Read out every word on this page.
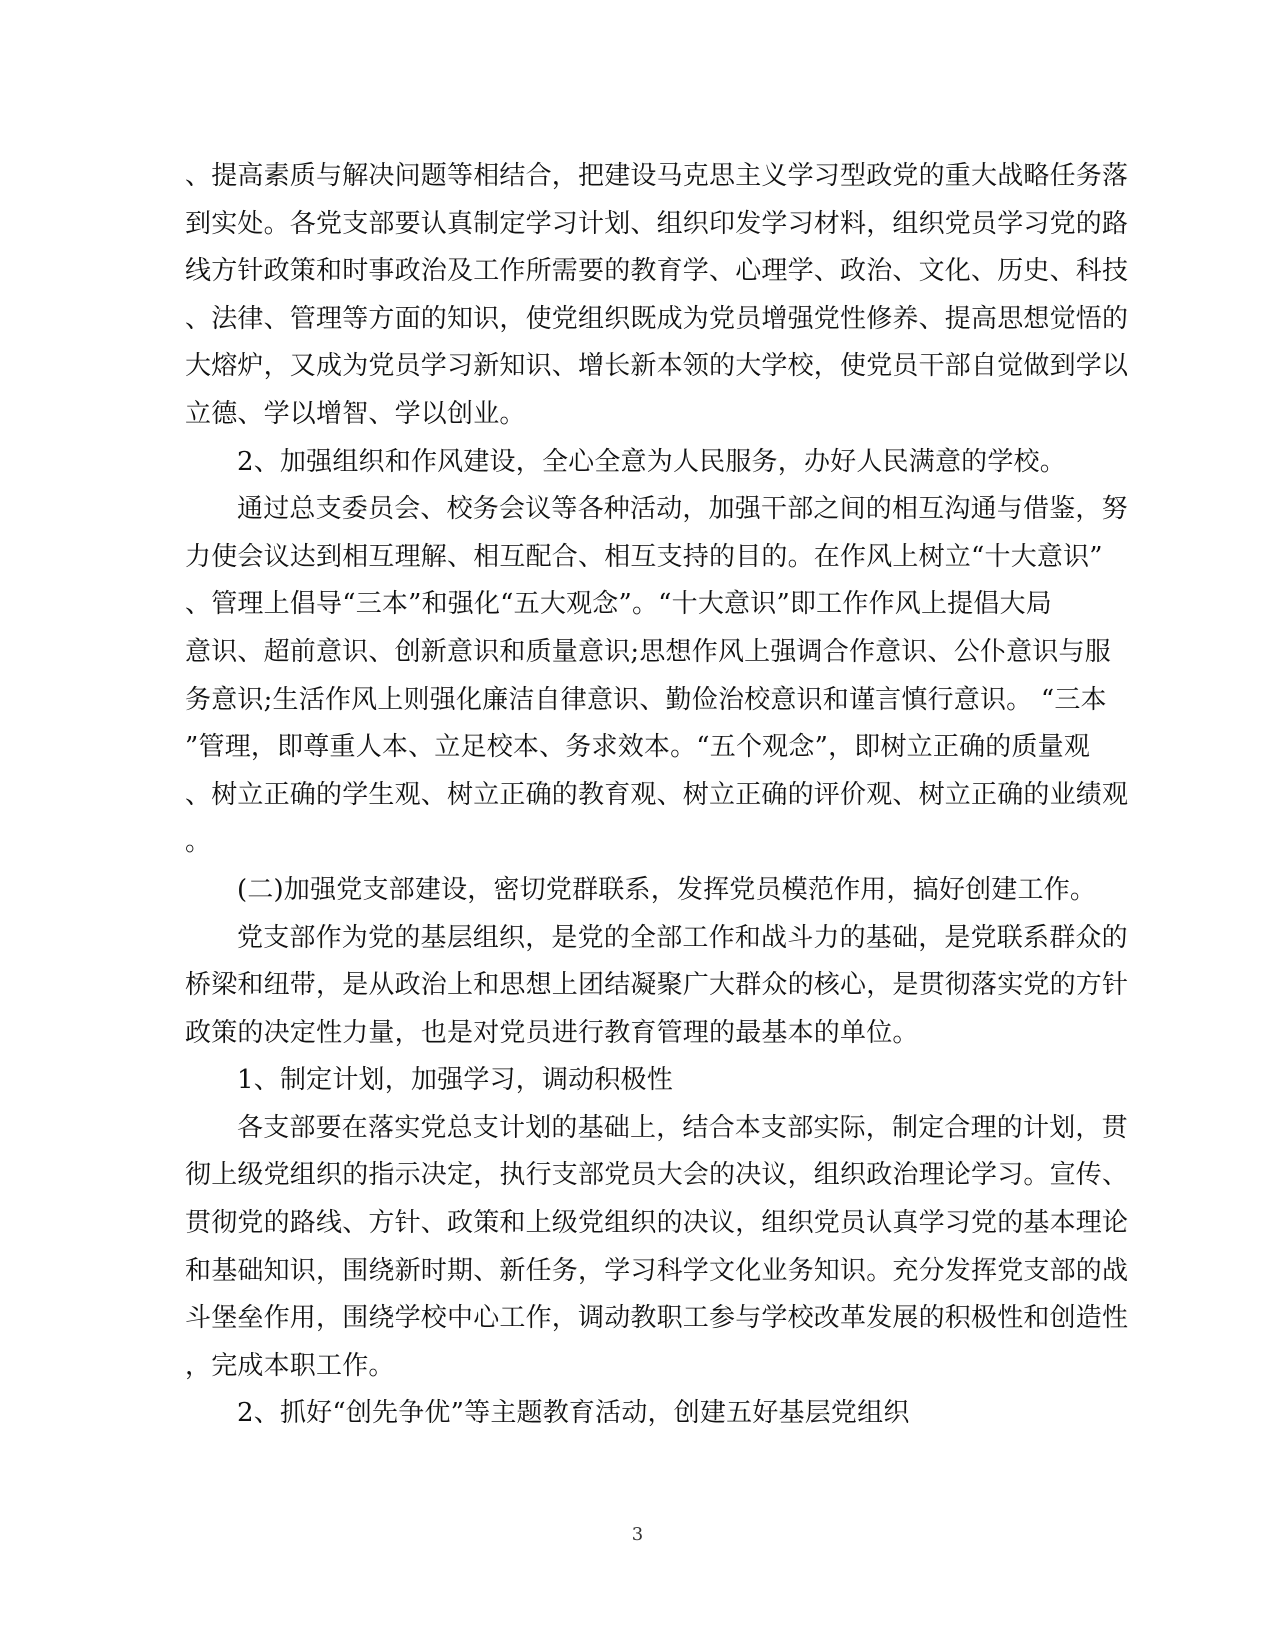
、提高素质与解决问题等相结合，把建设马克思主义学习型政党的重大战略任务落
到实处。各党支部要认真制定学习计划、组织印发学习材料，组织党员学习党的路
线方针政策和时事政治及工作所需要的教育学、心理学、政治、文化、历史、科技
、法律、管理等方面的知识，使党组织既成为党员增强党性修养、提高思想觉悟的
大熔炉，又成为党员学习新知识、增长新本领的大学校，使党员干部自觉做到学以
立德、学以增智、学以创业。
2、加强组织和作风建设，全心全意为人民服务，办好人民满意的学校。
通过总支委员会、校务会议等各种活动，加强干部之间的相互沟通与借鉴，努
力使会议达到相互理解、相互配合、相互支持的目的。在作风上树立“十大意识”
、管理上倡导“三本”和强化“五大观念”。“十大意识”即工作作风上提倡大局
意识、超前意识、创新意识和质量意识;思想作风上强调合作意识、公仆意识与服
务意识;生活作风上则强化廉洁自律意识、勤俭治校意识和谨言慎行意识。 “三本
”管理，即尊重人本、立足校本、务求效本。“五个观念”，即树立正确的质量观
、树立正确的学生观、树立正确的教育观、树立正确的评价观、树立正确的业绩观
。
(二)加强党支部建设，密切党群联系，发挥党员模范作用，搞好创建工作。
党支部作为党的基层组织，是党的全部工作和战斗力的基础，是党联系群众的
桥梁和纽带，是从政治上和思想上团结凝聚广大群众的核心，是贯彻落实党的方针
政策的决定性力量，也是对党员进行教育管理的最基本的单位。
1、制定计划，加强学习，调动积极性
各支部要在落实党总支计划的基础上，结合本支部实际，制定合理的计划，贯
彻上级党组织的指示决定，执行支部党员大会的决议，组织政治理论学习。宣传、
贯彻党的路线、方针、政策和上级党组织的决议，组织党员认真学习党的基本理论
和基础知识，围绕新时期、新任务，学习科学文化业务知识。充分发挥党支部的战
斗堡垒作用，围绕学校中心工作，调动教职工参与学校改革发展的积极性和创造性
，完成本职工作。
2、抓好“创先争优”等主题教育活动，创建五好基层党组织
3
